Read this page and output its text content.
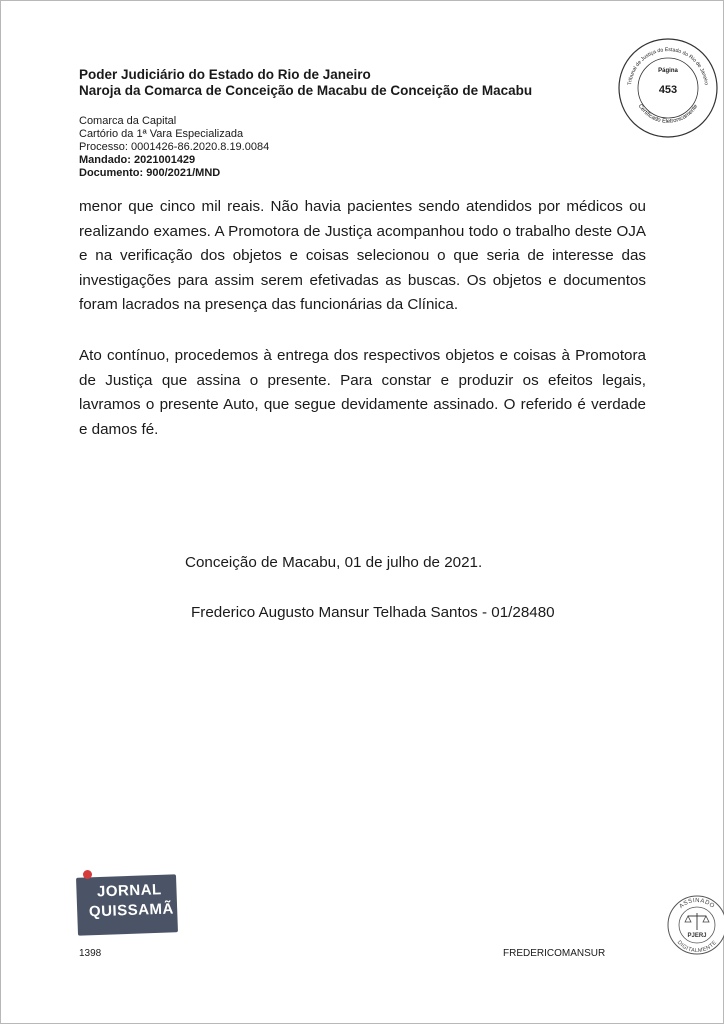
Poder Judiciário do Estado do Rio de Janeiro
Naroja da Comarca de Conceição de Macabu de Conceição de Macabu
Comarca da Capital
Cartório da 1ª Vara Especializada
Processo: 0001426-86.2020.8.19.0084
Mandado: 2021001429
Documento: 900/2021/MND
Tribunal de Justiça do Estado do Rio de Janeiro
Certificado Eletronicamente
Página
453
menor que cinco mil reais. Não havia pacientes sendo atendidos por médicos ou realizando exames. A Promotora de Justiça acompanhou todo o trabalho deste OJA e na verificação dos objetos e coisas selecionou o que seria de interesse das investigações para assim serem efetivadas as buscas. Os objetos e documentos foram lacrados na presença das funcionárias da Clínica.
Ato contínuo, procedemos à entrega dos respectivos objetos e coisas à Promotora de Justiça que assina o presente. Para constar e produzir os efeitos legais, lavramos o presente Auto, que segue devidamente assinado. O referido é verdade e damos fé.
Conceição de Macabu, 01 de julho de 2021.
Frederico Augusto Mansur Telhada Santos - 01/28480
JORNAL
QUISSAMÃ	ASSINADO
DIGITALMENTE
PJERJ
1398	FREDERICOMANSUR
